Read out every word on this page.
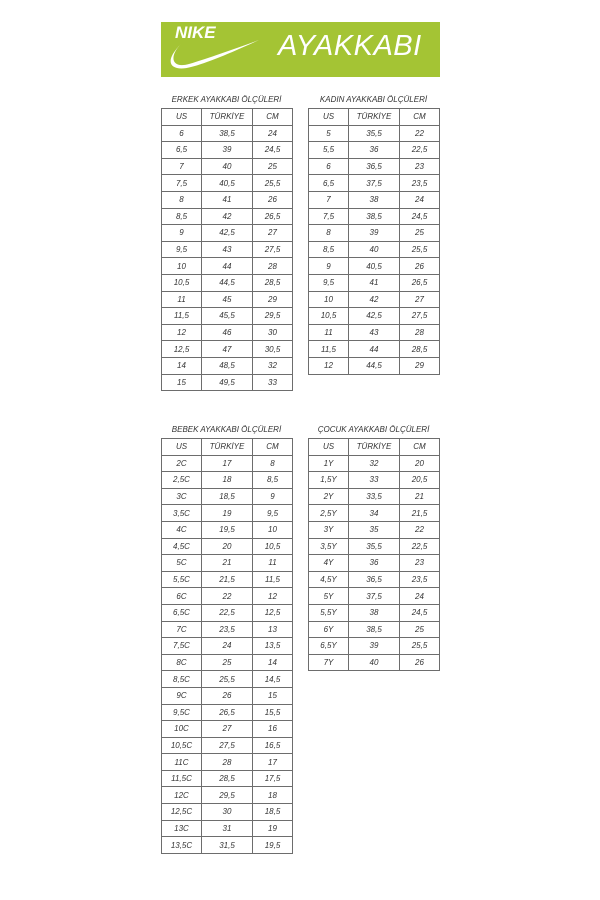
NIKE AYAKKABI
ERKEK AYAKKABI ÖLÇÜLERİ
US	TÜRKİYE	CM
6	38,5	24
6,5	39	24,5
7	40	25
7,5	40,5	25,5
8	41	26
8,5	42	26,5
9	42,5	27
9,5	43	27,5
10	44	28
10,5	44,5	28,5
11	45	29
11,5	45,5	29,5
12	46	30
12,5	47	30,5
14	48,5	32
15	49,5	33
KADIN AYAKKABI ÖLÇÜLERİ
US	TÜRKİYE	CM
5	35,5	22
5,5	36	22,5
6	36,5	23
6,5	37,5	23,5
7	38	24
7,5	38,5	24,5
8	39	25
8,5	40	25,5
9	40,5	26
9,5	41	26,5
10	42	27
10,5	42,5	27,5
11	43	28
11,5	44	28,5
12	44,5	29
BEBEK AYAKKABI ÖLÇÜLERİ
US	TÜRKİYE	CM
2C	17	8
2,5C	18	8,5
3C	18,5	9
3,5C	19	9,5
4C	19,5	10
4,5C	20	10,5
5C	21	11
5,5C	21,5	11,5
6C	22	12
6,5C	22,5	12,5
7C	23,5	13
7,5C	24	13,5
8C	25	14
8,5C	25,5	14,5
9C	26	15
9,5C	26,5	15,5
10C	27	16
10,5C	27,5	16,5
11C	28	17
11,5C	28,5	17,5
12C	29,5	18
12,5C	30	18,5
13C	31	19
13,5C	31,5	19,5
ÇOCUK AYAKKABI ÖLÇÜLERİ
US	TÜRKİYE	CM
1Y	32	20
1,5Y	33	20,5
2Y	33,5	21
2,5Y	34	21,5
3Y	35	22
3,5Y	35,5	22,5
4Y	36	23
4,5Y	36,5	23,5
5Y	37,5	24
5,5Y	38	24,5
6Y	38,5	25
6,5Y	39	25,5
7Y	40	26
